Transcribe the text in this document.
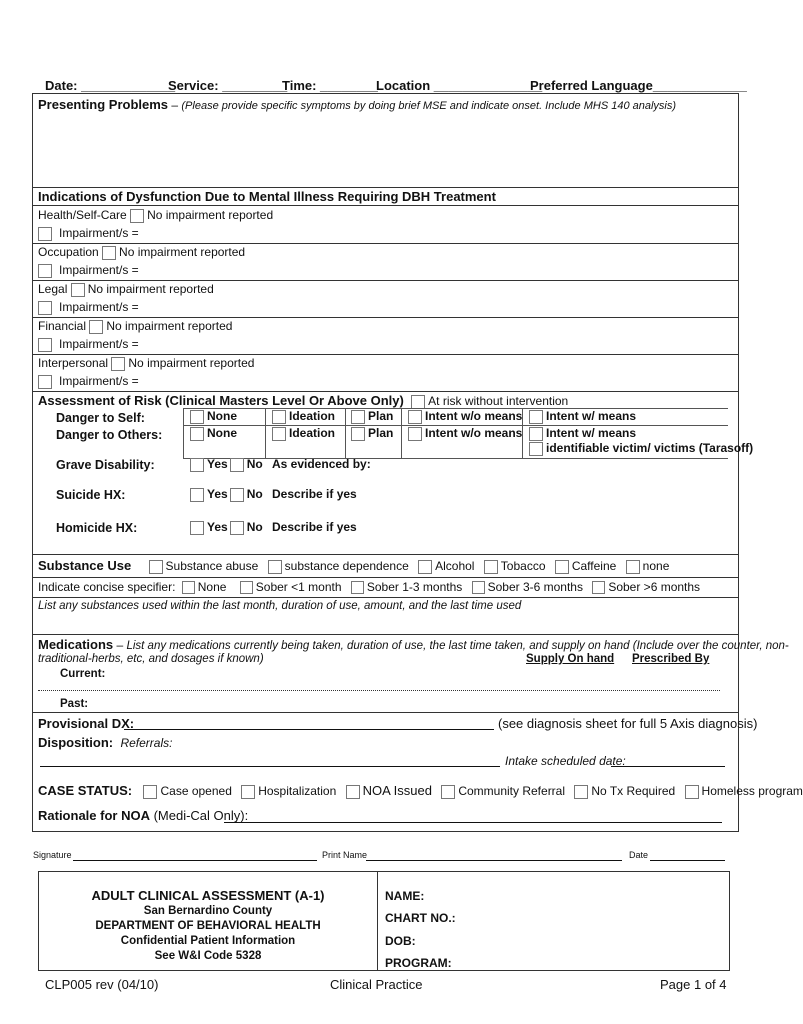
Date: _____________
Service: _________
Time: ________
Location _______________
Preferred Language_____________
Presenting Problems – (Please provide specific symptoms by doing brief MSE and indicate onset. Include MHS 140 analysis)
Indications of Dysfunction Due to Mental Illness Requiring DBH Treatment
Health/Self-Care No impairment reported
Impairment/s =
Occupation No impairment reported
Impairment/s =
Legal No impairment reported
Impairment/s =
Financial No impairment reported
Impairment/s =
Interpersonal No impairment reported
Impairment/s =
Assessment of Risk (Clinical Masters Level Or Above Only) At risk without intervention
Danger to Self:	None	Ideation	Plan	Intent w/o means	Intent w/ means
Danger to Others:	None	Ideation	Plan	Intent w/o means	Intent w/ means
identifiable victim/ victims (Tarasoff)
Grave Disability:	Yes No As evidenced by:
Suicide HX:	Yes No Describe if yes
Homicide HX:	Yes No Describe if yes
Substance Use	Substance abuse substance dependence Alcohol Tobacco Caffeine none
Indicate concise specifier: None Sober <1 month Sober 1-3 months Sober 3-6 months Sober >6 months
List any substances used within the last month, duration of use, amount, and the last time used
Medications – List any medications currently being taken, duration of use, the last time taken, and supply on hand (Include over the counter, non-
traditional-herbs, etc, and dosages if known)	Supply On hand Prescribed By
Current:
Past:
Provisional DX:	(see diagnosis sheet for full 5 Axis diagnosis)
Disposition: Referrals:
Intake scheduled date:
CASE STATUS: Case opened Hospitalization NOA Issued Community Referral No Tx Required Homeless program
Rationale for NOA (Medi-Cal Only):
Signature	Print Name	Date
ADULT CLINICAL ASSESSMENT (A-1)
San Bernardino County
DEPARTMENT OF BEHAVIORAL HEALTH
Confidential Patient Information
See W&I Code 5328
NAME:
CHART NO.:
DOB:
PROGRAM:
CLP005 rev (04/10)	Clinical Practice	Page 1 of 4
